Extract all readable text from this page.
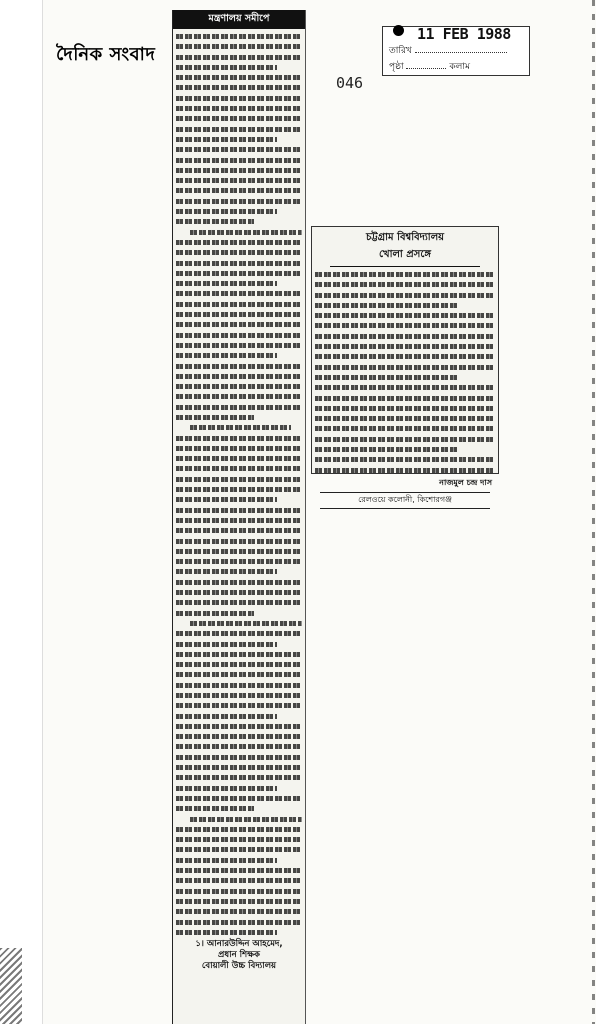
দৈনিক সংবাদ
11 FEB 1988
তারিখ
পৃষ্ঠা	কলাম
046
মন্ত্রণালয় সমীপে
১। আনারউদ্দিন আহমেদ,
প্রধান শিক্ষক
বোয়ালী উচ্চ বিদ্যালয়
চট্টগ্রাম বিশ্ববিদ্যালয়
খোলা প্রসঙ্গে
নাজমুল চন্দ্র দাস
রেলওয়ে কলোনী, কিশোরগঞ্জ
